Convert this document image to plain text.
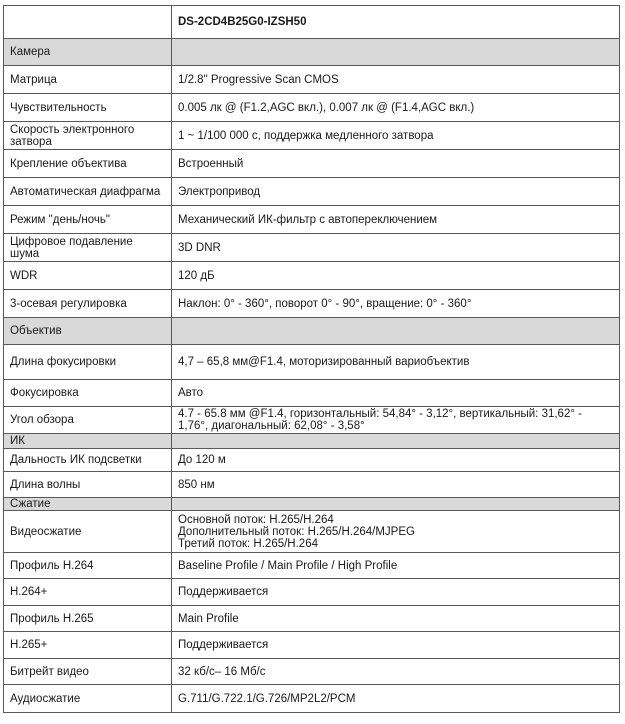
	DS-2CD4B25G0-IZSH50
Камера	
Матрица	1/2.8" Progressive Scan CMOS
Чувствительность	0.005 лк @ (F1.2,AGC вкл.), 0.007 лк @ (F1.4,AGC вкл.)
Скорость электронного затвора	1 ~ 1/100 000 с, поддержка медленного затвора
Крепление объектива	Встроенный
Автоматическая диафрагма	Электропривод
Режим "день/ночь"	Механический ИК-фильтр с автопереключением
Цифровое подавление шума	3D DNR
WDR	120 дБ
3-осевая регулировка	Наклон: 0° - 360°, поворот 0° - 90°, вращение: 0° - 360°
Объектив	
Длина фокусировки	4,7 – 65,8 мм@F1.4, моторизированный вариобъектив
Фокусировка	Авто
Угол обзора	4.7 - 65.8 мм @F1.4, горизонтальный: 54,84° - 3,12°, вертикальный: 31,62° - 1,76°, диагональный: 62,08° - 3,58°
ИК	
Дальность ИК подсветки	До 120 м
Длина волны	850 нм
Сжатие	
Видеосжатие	Основной поток: H.265/H.264
Дополнительный поток: H.265/H.264/MJPEG
Третий поток: H.265/H.264

Профиль H.264	Baseline Profile / Main Profile / High Profile
H.264+	Поддерживается
Профиль H.265	Main Profile
H.265+	Поддерживается
Битрейт видео	32 кб/с– 16 Мб/с
Аудиосжатие	G.711/G.722.1/G.726/MP2L2/PCM
